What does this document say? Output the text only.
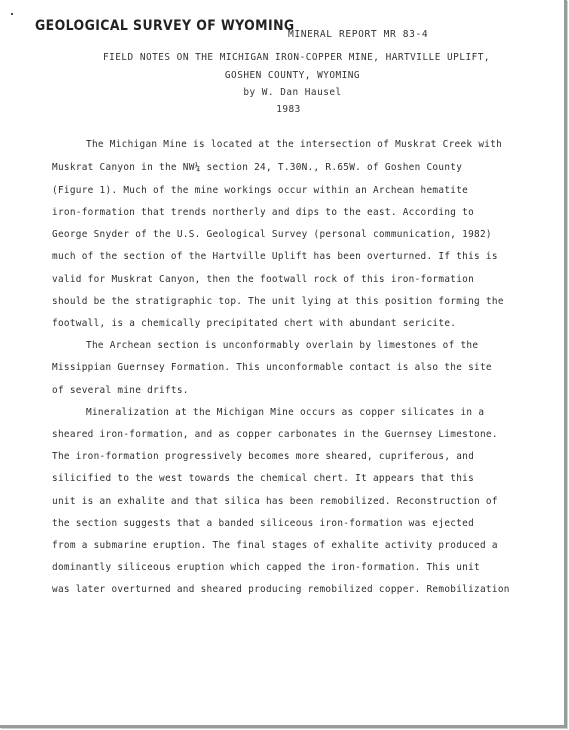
GEOLOGICAL SURVEY OF WYOMING
MINERAL REPORT MR 83-4
FIELD NOTES ON THE MICHIGAN IRON-COPPER MINE, HARTVILLE UPLIFT,
GOSHEN COUNTY, WYOMING
by W. Dan Hausel
1983
The Michigan Mine is located at the intersection of Muskrat Creek with
Muskrat Canyon in the NW¼ section 24, T.30N., R.65W. of Goshen County
(Figure 1). Much of the mine workings occur within an Archean hematite
iron-formation that trends northerly and dips to the east. According to
George Snyder of the U.S. Geological Survey (personal communication, 1982)
much of the section of the Hartville Uplift has been overturned. If this is
valid for Muskrat Canyon, then the footwall rock of this iron-formation
should be the stratigraphic top. The unit lying at this position forming the
footwall, is a chemically precipitated chert with abundant sericite.
The Archean section is unconformably overlain by limestones of the
Missippian Guernsey Formation. This unconformable contact is also the site
of several mine drifts.
Mineralization at the Michigan Mine occurs as copper silicates in a
sheared iron-formation, and as copper carbonates in the Guernsey Limestone.
The iron-formation progressively becomes more sheared, cupriferous, and
silicified to the west towards the chemical chert. It appears that this
unit is an exhalite and that silica has been remobilized. Reconstruction of
the section suggests that a banded siliceous iron-formation was ejected
from a submarine eruption. The final stages of exhalite activity produced a
dominantly siliceous eruption which capped the iron-formation. This unit
was later overturned and sheared producing remobilized copper. Remobilization
